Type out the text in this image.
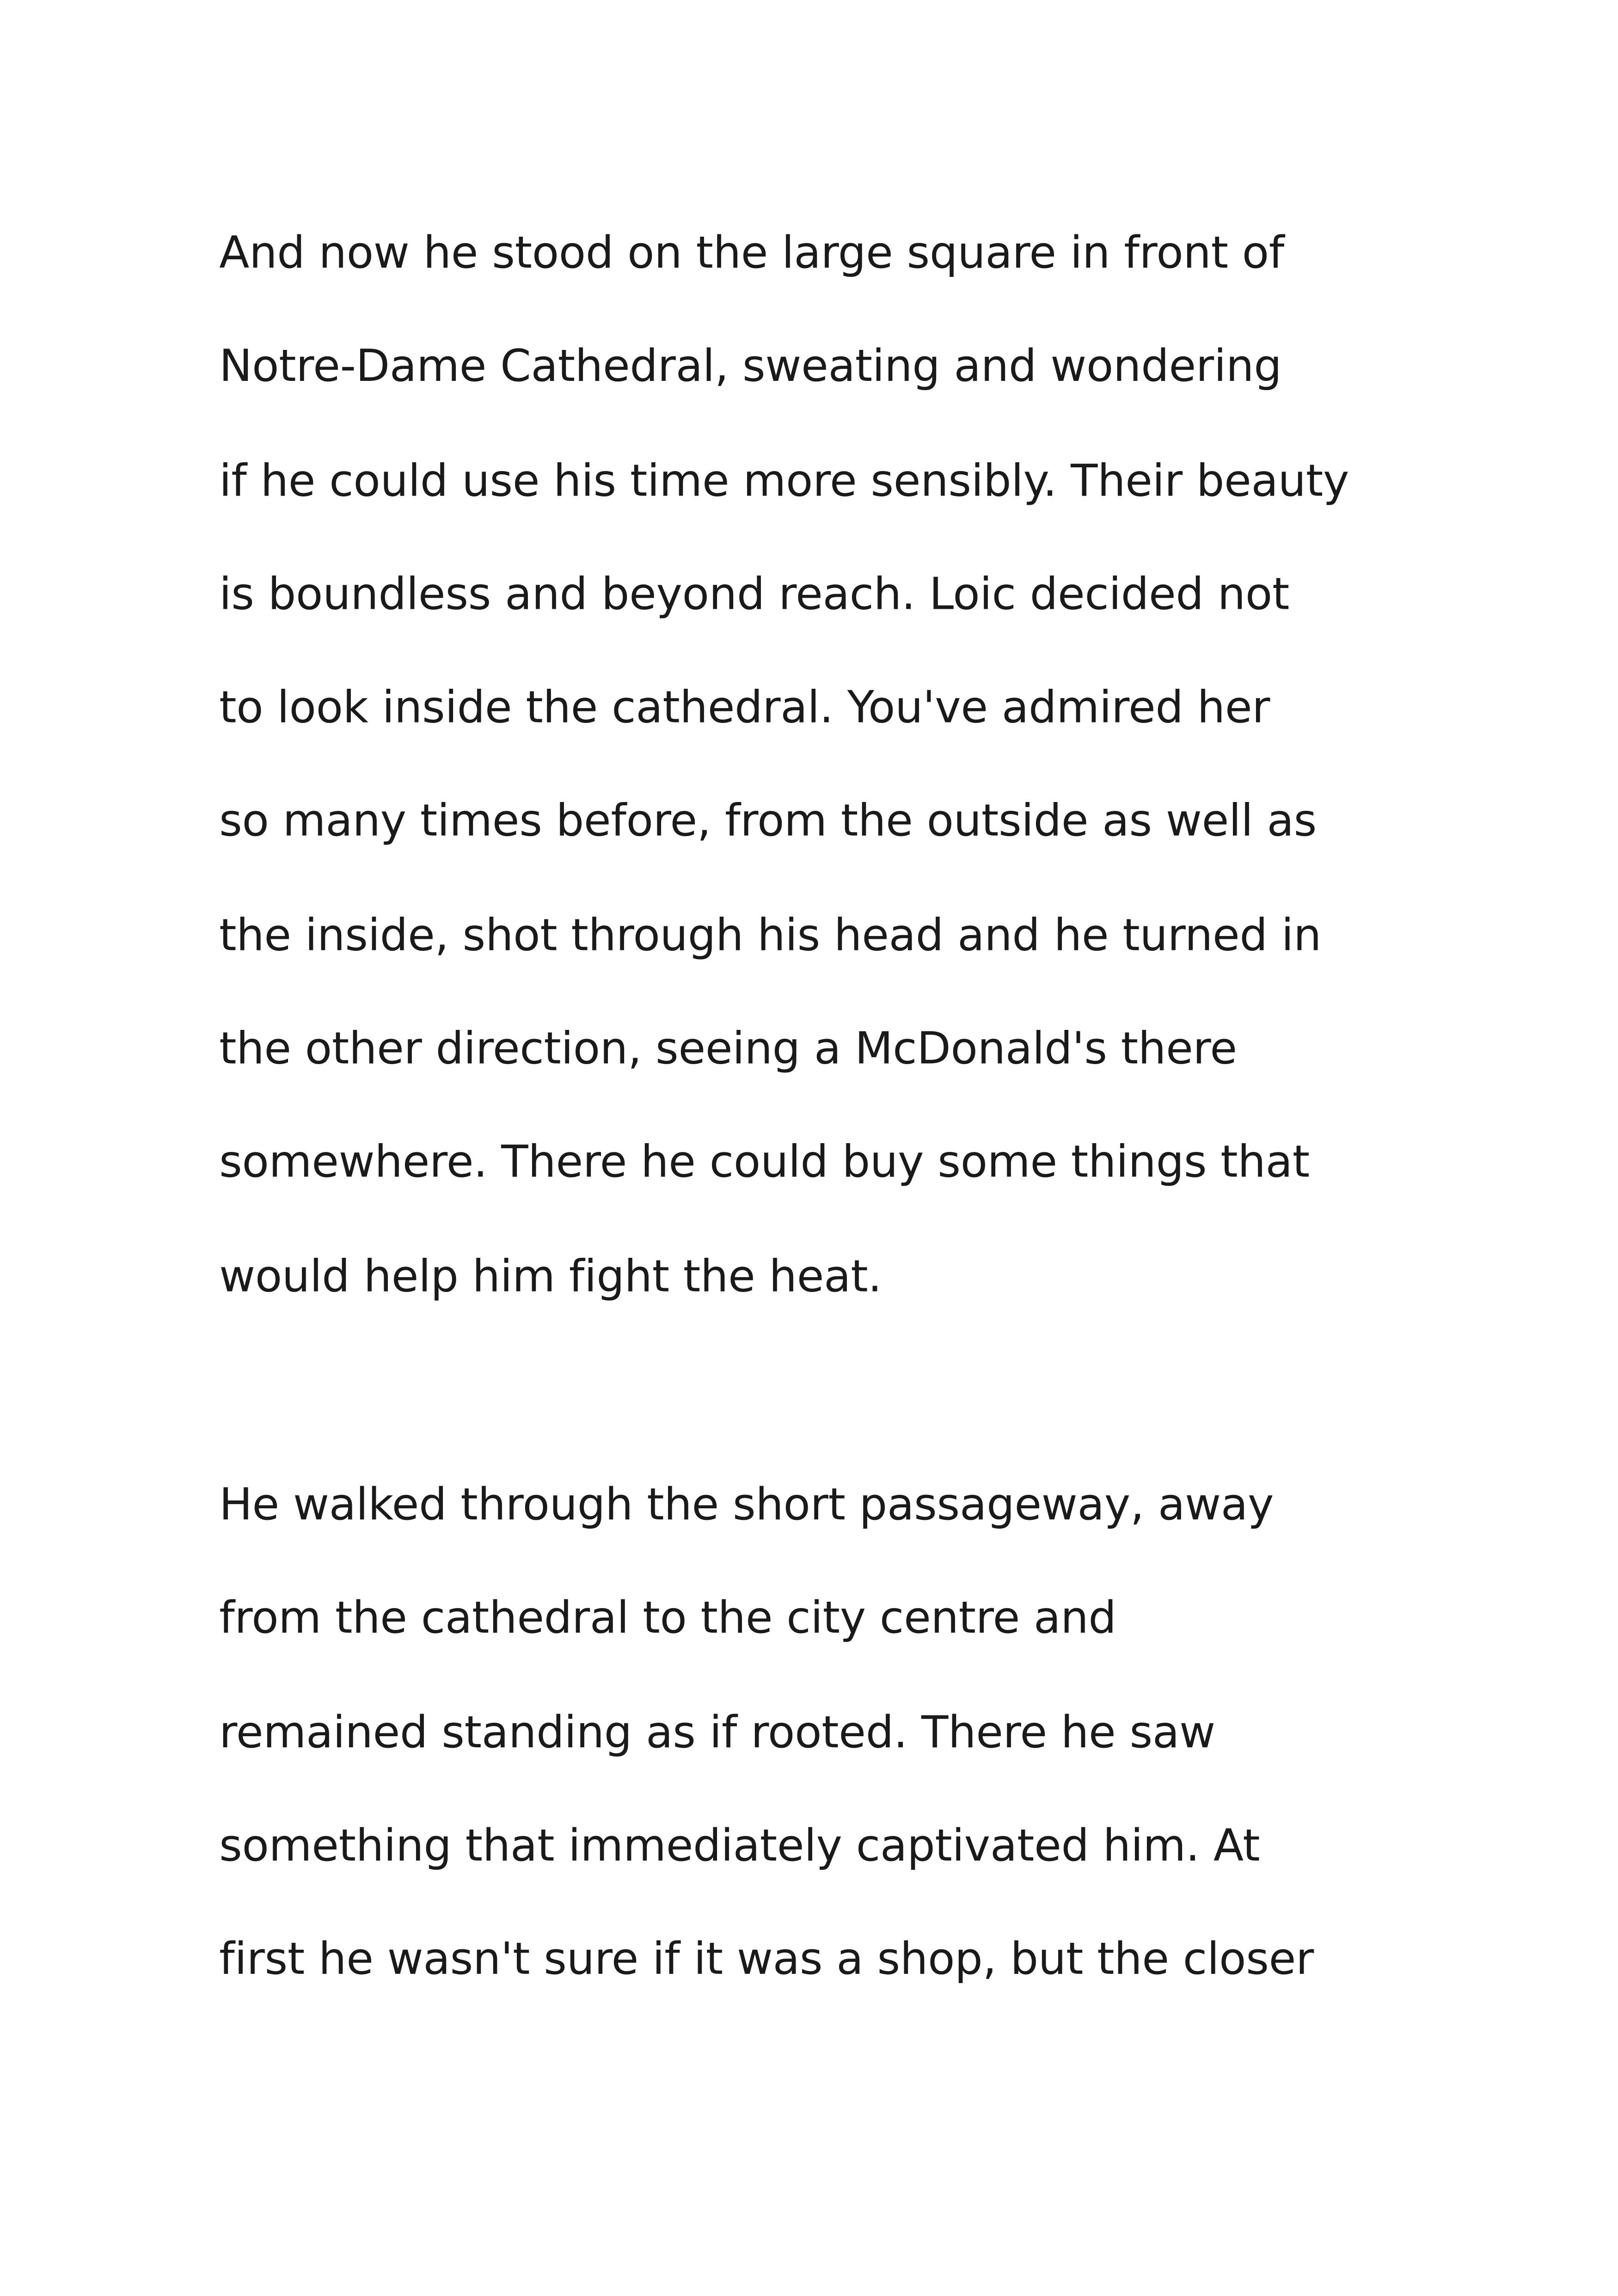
And now he stood on the large square in front of
Notre-Dame Cathedral, sweating and wondering
if he could use his time more sensibly. Their beauty
is boundless and beyond reach. Loic decided not
to look inside the cathedral. You've admired her
so many times before, from the outside as well as
the inside, shot through his head and he turned in
the other direction, seeing a McDonald's there
somewhere. There he could buy some things that
would help him fight the heat.
He walked through the short passageway, away
from the cathedral to the city centre and
remained standing as if rooted. There he saw
something that immediately captivated him. At
first he wasn't sure if it was a shop, but the closer
